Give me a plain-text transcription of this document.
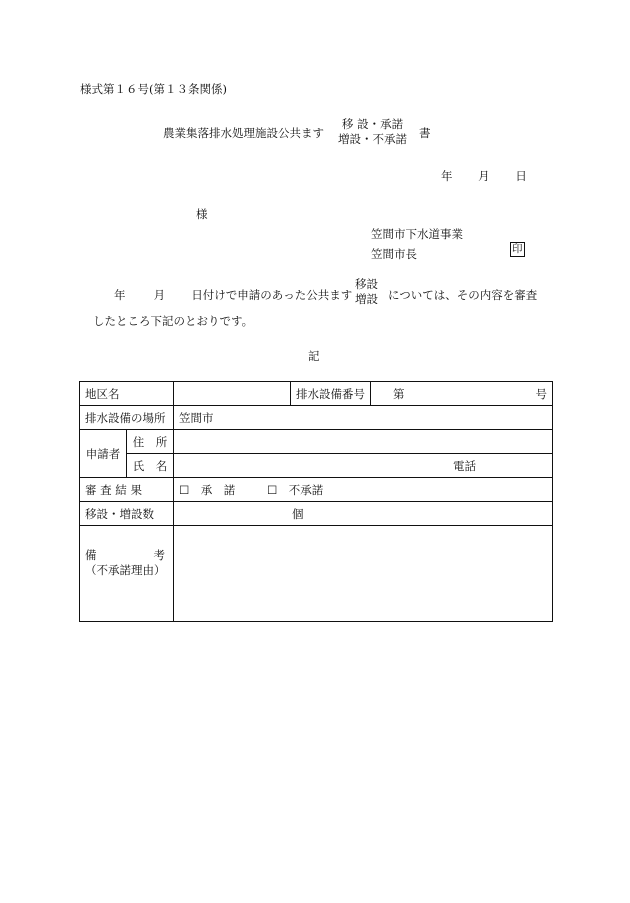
様式第１６号(第１３条関係)
農業集落排水処理施設公共ます
移 設・承諾
増設・不承諾 書
年 月 日
様
笠間市下水道事業
笠間市長	印
年 月 日付けで申請のあった公共ます
移設
増設 については、その内容を審査
したところ下記のとおりです。
記
地区名			排水設備番号	第 号

排水設備の場所		笠間市		
申請者	住　所			
	氏　名	電話		
審 査 結 果		☐　承　諾 ☐　不承諾		
移設・増設数		個		

備 考
（不承諾理由）				
